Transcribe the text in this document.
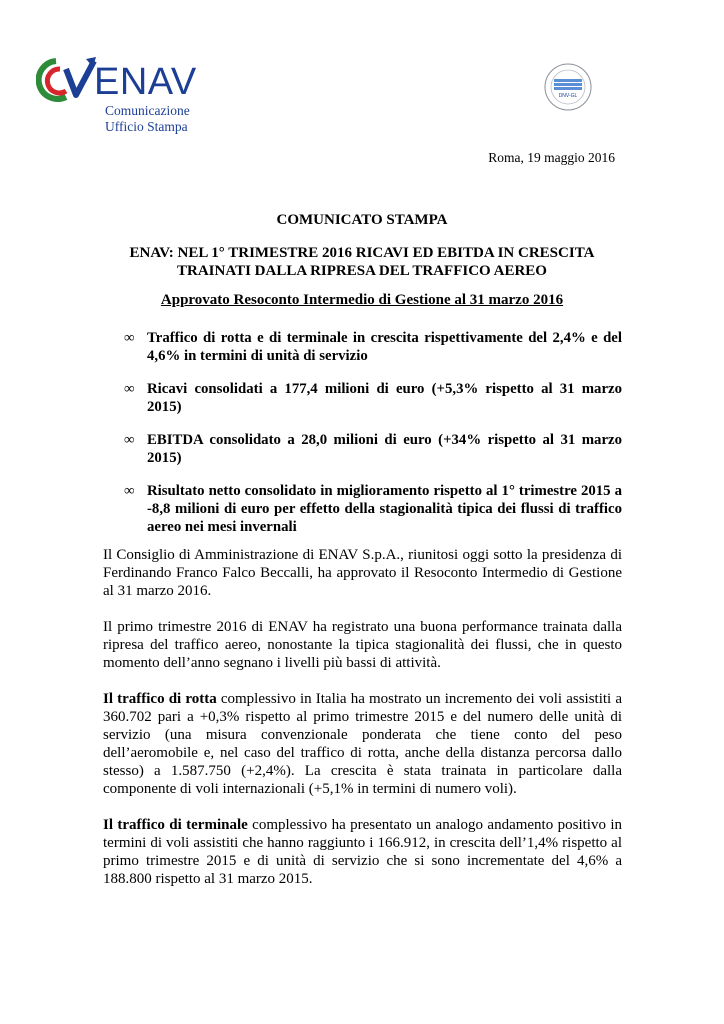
ENAV
Comunicazione
Ufficio Stampa
DNV-GL
Roma, 19 maggio 2016
COMUNICATO STAMPA
ENAV: NEL 1° TRIMESTRE 2016 RICAVI ED EBITDA IN CRESCITA
TRAINATI DALLA RIPRESA DEL TRAFFICO AEREO
Approvato Resoconto Intermedio di Gestione al 31 marzo 2016
∞ Traffico di rotta e di terminale in crescita rispettivamente del 2,4% e del 4,6% in termini di unità di servizio
∞ Ricavi consolidati a 177,4 milioni di euro (+5,3% rispetto al 31 marzo 2015)
∞ EBITDA consolidato a 28,0 milioni di euro (+34% rispetto al 31 marzo 2015)
∞ Risultato netto consolidato in miglioramento rispetto al 1° trimestre 2015 a -8,8 milioni di euro per effetto della stagionalità tipica dei flussi di traffico aereo nei mesi invernali

Il Consiglio di Amministrazione di ENAV S.p.A., riunitosi oggi sotto la presidenza di Ferdinando Franco Falco Beccalli, ha approvato il Resoconto Intermedio di Gestione al 31 marzo 2016.

Il primo trimestre 2016 di ENAV ha registrato una buona performance trainata dalla ripresa del traffico aereo, nonostante la tipica stagionalità dei flussi, che in questo momento dell’anno segnano i livelli più bassi di attività.

Il traffico di rotta complessivo in Italia ha mostrato un incremento dei voli assistiti a 360.702 pari a +0,3% rispetto al primo trimestre 2015 e del numero delle unità di servizio (una misura convenzionale ponderata che tiene conto del peso dell’aeromobile e, nel caso del traffico di rotta, anche della distanza percorsa dallo stesso) a 1.587.750 (+2,4%). La crescita è stata trainata in particolare dalla componente di voli internazionali (+5,1% in termini di numero voli).

Il traffico di terminale complessivo ha presentato un analogo andamento positivo in termini di voli assistiti che hanno raggiunto i 166.912, in crescita dell’1,4% rispetto al primo trimestre 2015 e di unità di servizio che si sono incrementate del 4,6% a 188.800 rispetto al 31 marzo 2015.
